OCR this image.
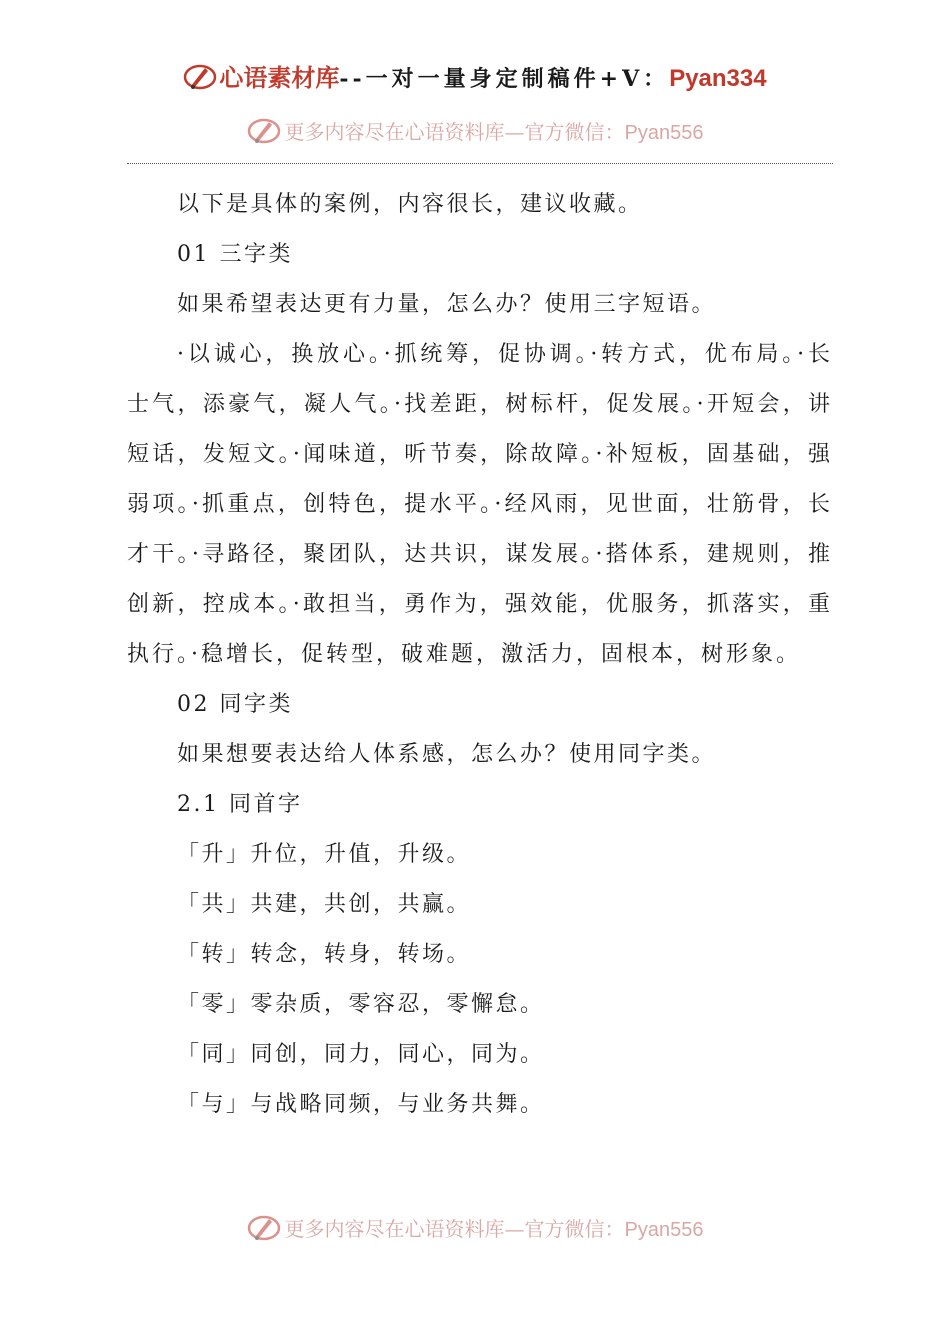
心语素材库--一对一量身定制稿件+V：Pyan334
更多内容尽在心语资料库—官方微信：Pyan556

以下是具体的案例，内容很长，建议收藏。

01 三字类

如果希望表达更有力量，怎么办？使用三字短语。

·以诚心，换放心。·抓统筹，促协调。·转方式，优布局。·长士气，添豪气，凝人气。·找差距，树标杆，促发展。·开短会，讲短话，发短文。·闻味道，听节奏，除故障。·补短板，固基础，强弱项。·抓重点，创特色，提水平。·经风雨，见世面，壮筋骨，长才干。·寻路径，聚团队，达共识，谋发展。·搭体系，建规则，推创新，控成本。·敢担当，勇作为，强效能，优服务，抓落实，重执行。·稳增长，促转型，破难题，激活力，固根本，树形象。

02 同字类

如果想要表达给人体系感，怎么办？使用同字类。

2.1 同首字

「升」升位，升值，升级。

「共」共建，共创，共赢。

「转」转念，转身，转场。

「零」零杂质，零容忍，零懈怠。

「同」同创，同力，同心，同为。

「与」与战略同频，与业务共舞。

更多内容尽在心语资料库—官方微信：Pyan556
